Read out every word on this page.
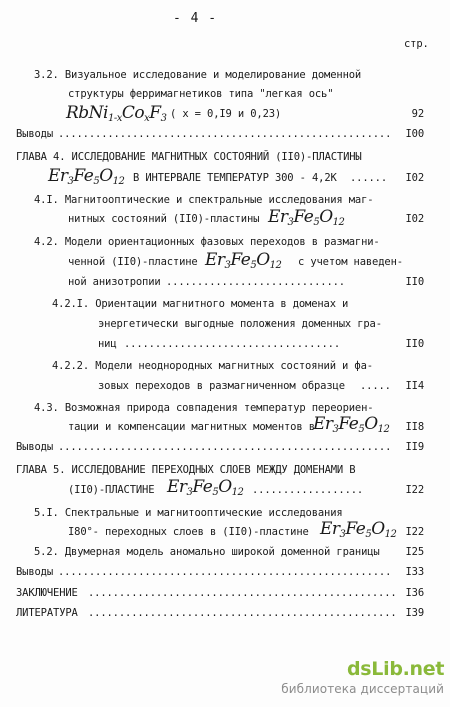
- 4 -
стр.
3.2. Визуальное исследование и моделирование доменной
структуры ферримагнетиков типа "легкая ось"
$RbNi_{1-x}Co_xF_3$ ( x = 0,I9 и 0,23)	92
Выводы ......................................................	I00
ГЛАВА 4. ИССЛЕДОВАНИЕ МАГНИТНЫХ СОСТОЯНИЙ (II0)-ПЛАСТИНЫ
$Er_3Fe_5O_{12}$ В ИНТЕРВАЛЕ ТЕМПЕРАТУР 300 - 4,2К ......	I02
4.I. Магнитооптические и спектральные исследования маг-
нитных состояний (II0)-пластины $Er_3Fe_5O_{12}$	I02
4.2. Модели ориентационных фазовых переходов в размагни-
ченной (II0)-пластине $Er_3Fe_5O_{12}$ с учетом наведен-
ной анизотропии .............................	II0
4.2.I. Ориентации магнитного момента в доменах и
энергетически выгодные положения доменных гра-
ниц ...................................	II0
4.2.2. Модели неоднородных магнитных состояний и фа-
зовых переходов в размагниченном образце .....	II4
4.3. Возможная природа совпадения температур переориен-
тации и компенсации магнитных моментов в
$Er_3Fe_5O_{12}$	II8
Выводы ......................................................	II9
ГЛАВА 5. ИССЛЕДОВАНИЕ ПЕРЕХОДНЫХ СЛОЕВ МЕЖДУ ДОМЕНАМИ В
(II0)-ПЛАСТИНЕ $Er_3Fe_5O_{12}$ ..................	I22
5.I. Спектральные и магнитооптические исследования
I80°- переходных слоев в (II0)-пластине $Er_3Fe_5O_{12}$ I22
5.2. Двумерная модель аномально широкой доменной границы	I25
Выводы ......................................................	I33
ЗАКЛЮЧЕНИЕ .................................................. I36
ЛИТЕРАТУРА .................................................. I39
dsLib.net
библиотека диссертаций
